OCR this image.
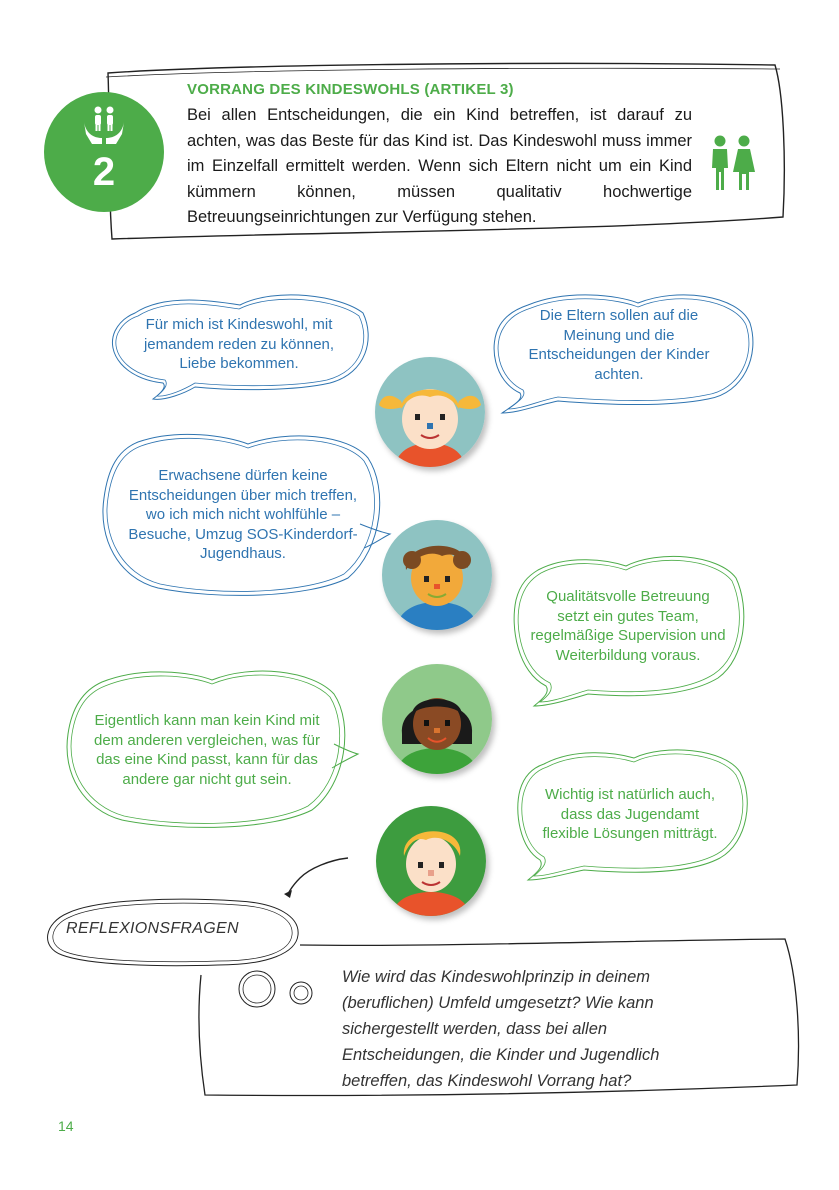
2
VORRANG DES KINDESWOHLS (ARTIKEL 3)
Bei allen Entscheidungen, die ein Kind betreffen, ist darauf zu achten, was das Beste für das Kind ist. Das Kindeswohl muss immer im Einzelfall ermittelt werden. Wenn sich Eltern nicht um ein Kind kümmern können, müssen qualitativ hochwertige Betreuungseinrichtungen zur Verfügung stehen.
Für mich ist Kindeswohl, mit jemandem reden zu können, Liebe bekommen.
Die Eltern sollen auf die Meinung und die Entscheidungen der Kinder achten.
Erwachsene dürfen keine Entscheidungen über mich treffen, wo ich mich nicht wohlfühle – Besuche, Umzug SOS-Kinderdorf-Jugendhaus.
Qualitätsvolle Betreuung setzt ein gutes Team, regelmäßige Supervision und Weiterbildung voraus.
Eigentlich kann man kein Kind mit dem anderen vergleichen, was für das eine Kind passt, kann für das andere gar nicht gut sein.
Wichtig ist natürlich auch, dass das Jugendamt flexible Lösungen mitträgt.
REFLEXIONSFRAGEN
Wie wird das Kindeswohlprinzip in deinem (beruflichen) Umfeld umgesetzt? Wie kann sichergestellt werden, dass bei allen Entscheidungen, die Kinder und Jugendlich betreffen, das Kindeswohl Vorrang hat?
14
